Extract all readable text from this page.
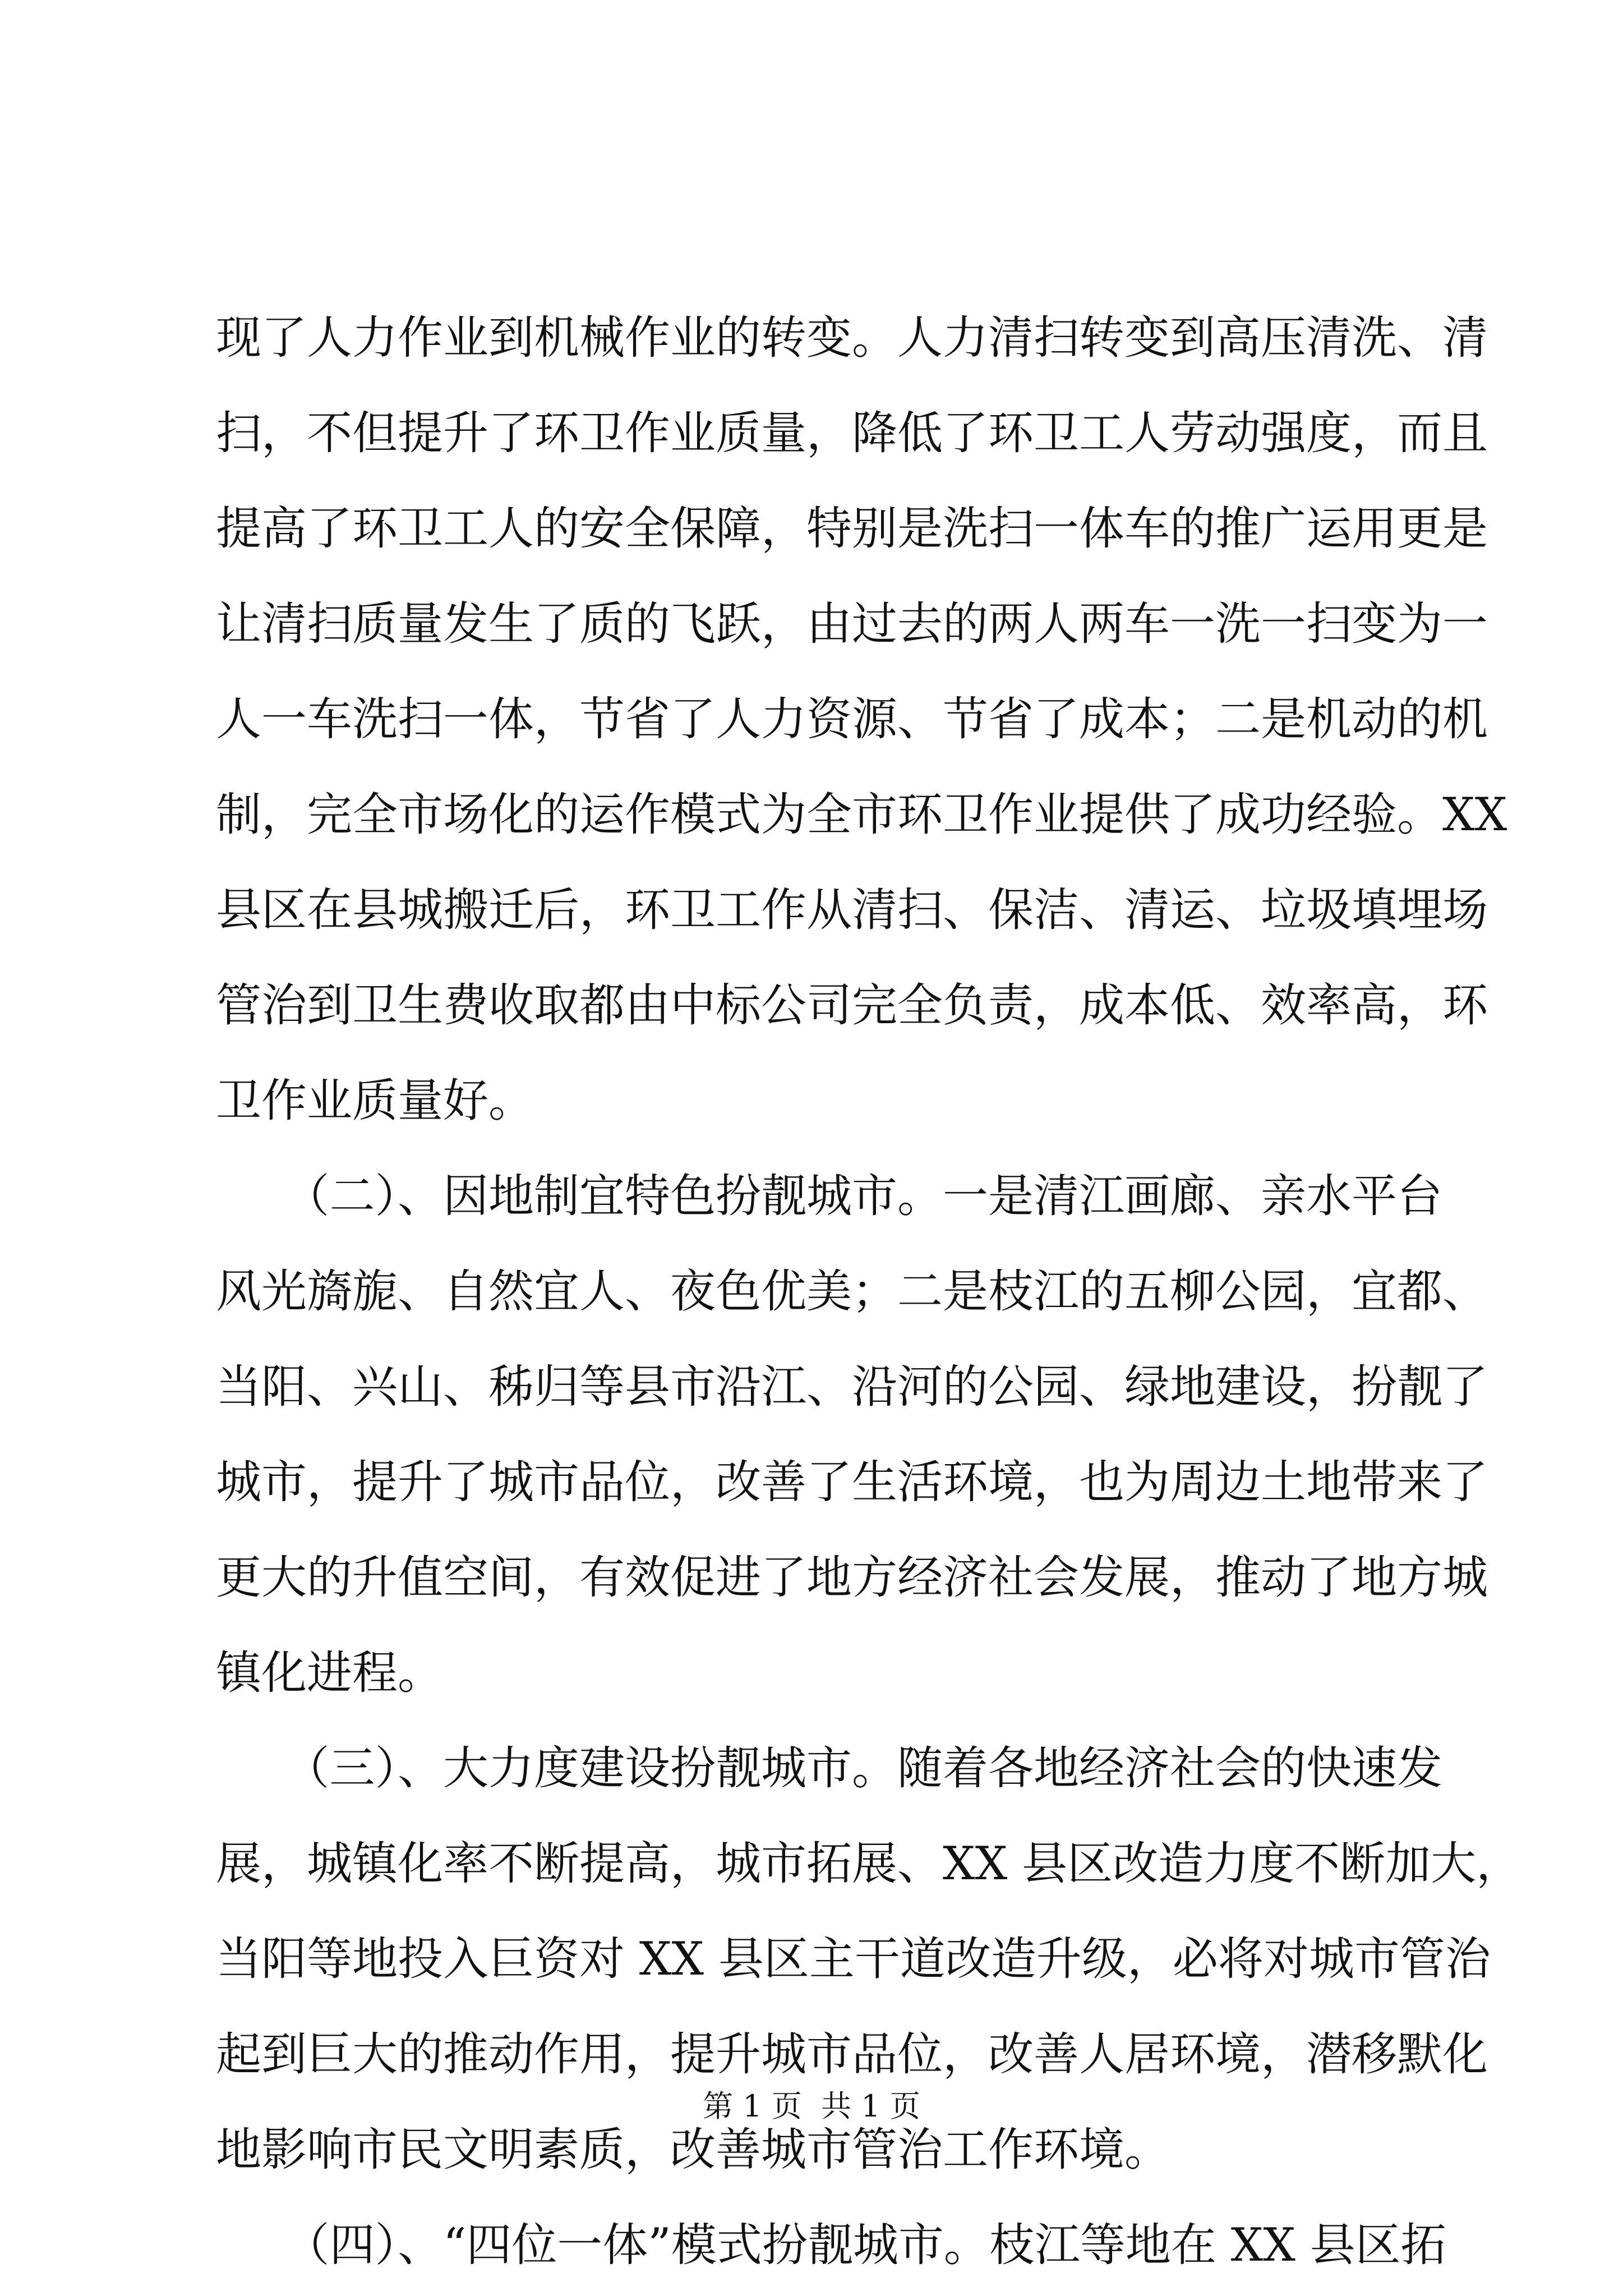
现了人力作业到机械作业的转变。人力清扫转变到高压清洗、清
扫，不但提升了环卫作业质量，降低了环卫工人劳动强度，而且
提高了环卫工人的安全保障，特别是洗扫一体车的推广运用更是
让清扫质量发生了质的飞跃，由过去的两人两车一洗一扫变为一
人一车洗扫一体，节省了人力资源、节省了成本；二是机动的机
制，完全市场化的运作模式为全市环卫作业提供了成功经验。XX
县区在县城搬迁后，环卫工作从清扫、保洁、清运、垃圾填埋场
管治到卫生费收取都由中标公司完全负责，成本低、效率高，环
卫作业质量好。
　　（二）、因地制宜特色扮靓城市。一是清江画廊、亲水平台
风光旖旎、自然宜人、夜色优美；二是枝江的五柳公园，宜都、
当阳、兴山、秭归等县市沿江、沿河的公园、绿地建设，扮靓了
城市，提升了城市品位，改善了生活环境，也为周边土地带来了
更大的升值空间，有效促进了地方经济社会发展，推动了地方城
镇化进程。
　　（三）、大力度建设扮靓城市。随着各地经济社会的快速发
展，城镇化率不断提高，城市拓展、XX 县区改造力度不断加大，
当阳等地投入巨资对 XX 县区主干道改造升级，必将对城市管治
起到巨大的推动作用，提升城市品位，改善人居环境，潜移默化
地影响市民文明素质，改善城市管治工作环境。
　　（四）、“四位一体”模式扮靓城市。枝江等地在 XX 县区拓
第 1 页  共 1 页
